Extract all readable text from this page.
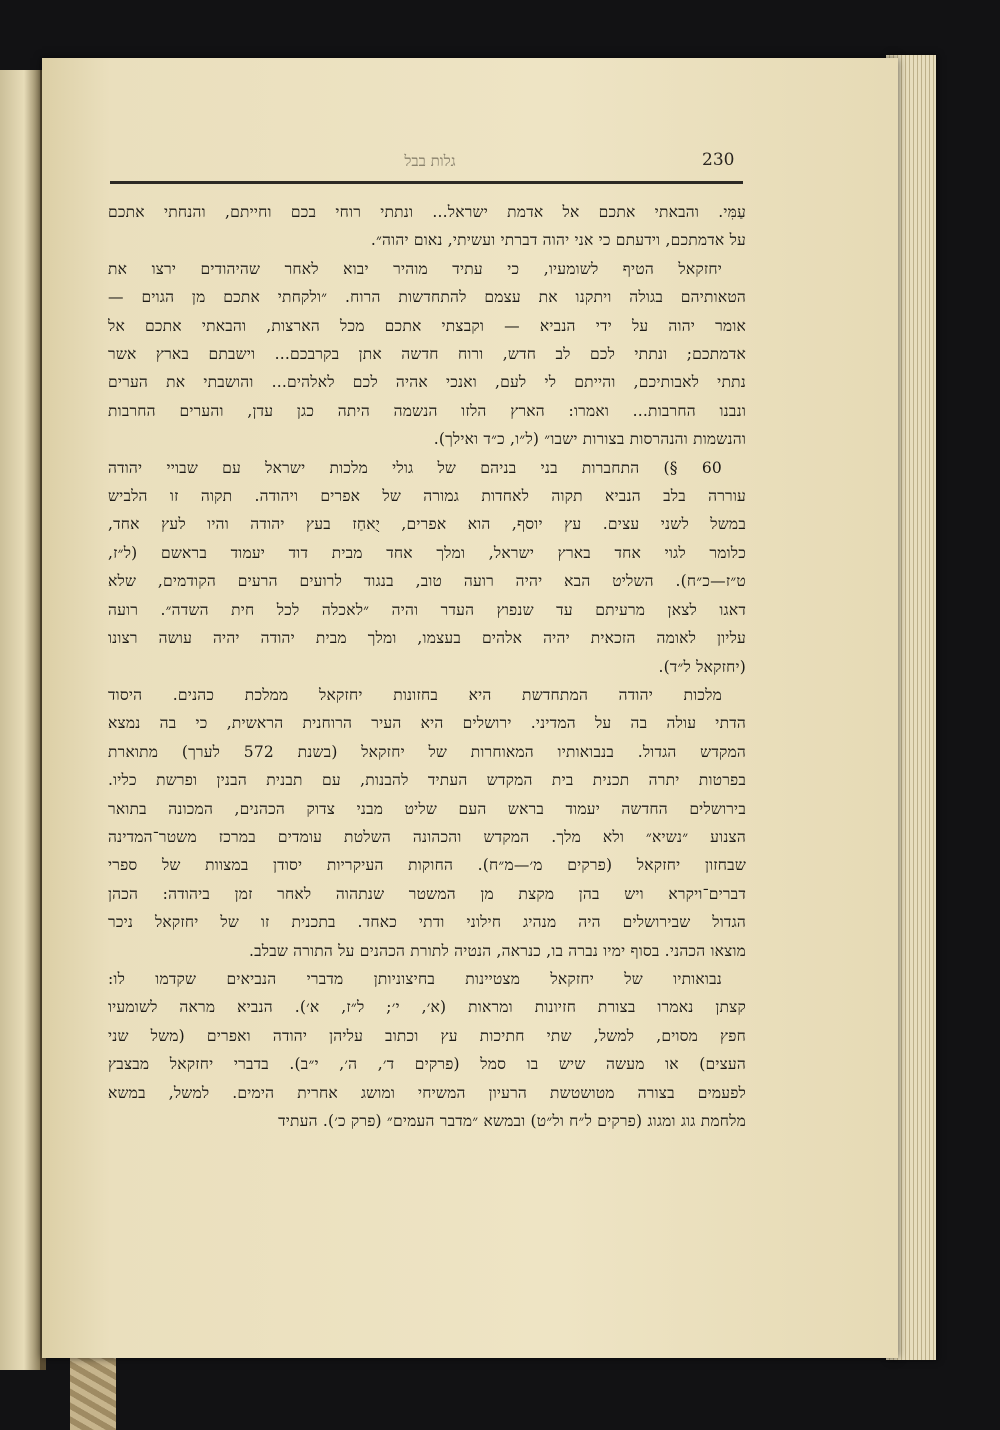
גלות בבל	230
עַמִּי. והבאתי אתכם אל אדמת ישראל... ונתתי רוחי בכם וחייתם, והנחתי אתכם
על אדמתכם, וידעתם כי אני יהוה דברתי ועשיתי, נאום יהוה״.
יחזקאל הטיף לשומעיו, כי עתיד מוהיר יבוא לאחר שהיהודים ירצו את
הטאותיהם בגולה ויתקנו את עצמם להתחדשות הרוח. ״ולקחתי אתכם מן הגוים —
אומר יהוה על ידי הנביא — וקבצתי אתכם מכל הארצות, והבאתי אתכם אל
אדמתכם; ונתתי לכם לב חדש, ורוח חדשה אתן בקרבכם... וישבתם בארץ אשר
נתתי לאבותיכם, והייתם לי לעם, ואנכי אהיה לכם לאלהים... והושבתי את הערים
ונבנו החרבות... ואמרו: הארץ הלזו הנשמה היתה כגן עדן, והערים החרבות
והנשמות והנהרסות בצורות ישבו״ (ל״ו, כ״ד ואילך).
60 §) התחברות בני בניהם של גולי מלכות ישראל עם שבויי יהודה
עוררה בלב הנביא תקוה לאחדות גמורה של אפרים ויהודה. תקוה זו הלביש
במשל לשני עצים. עץ יוסף, הוא אפרים, יֻאחַז בעץ יהודה והיו לעץ אחד,
כלומר לגוי אחד בארץ ישראל, ומלך אחד מבית דוד יעמוד בראשם (ל״ז,
ט״ז—כ״ח). השליט הבא יהיה רועה טוב, בנגוד לרועים הרעים הקודמים, שלא
דאגו לצאן מרעיתם עד שנפוץ העדר והיה ״לאכלה לכל חית השדה״. רועה
עליון לאומה הזכאית יהיה אלהים בעצמו, ומלך מבית יהודה יהיה עושה רצונו
(יחזקאל ל״ד).
מלכות יהודה המתחדשת היא בחזונות יחזקאל ממלכת כהנים. היסוד
הדתי עולה בה על המדיני. ירושלים היא העיר הרוחנית הראשית, כי בה נמצא
המקדש הגדול. בנבואותיו המאוחרות של יחזקאל (בשנת 572 לערך) מתוארת
בפרטות יתרה תכנית בית המקדש העתיד להבנות, עם תבנית הבנין ופרשת כליו.
בירושלים החדשה יעמוד בראש העם שליט מבני צדוק הכהנים, המכונה בתואר
הצנוע ״נשיא״ ולא מלך. המקדש והכהונה השלטת עומדים במרכז משטר־המדינה
שבחזון יחזקאל (פרקים מ׳—מ״ח). החוקות העיקריות יסודן במצוות של ספרי
דברים־ויקרא ויש בהן מקצת מן המשטר שנתהוה לאחר זמן ביהודה: הכהן
הגדול שבירושלים היה מנהיג חילוני ודתי כאחד. בתכנית זו של יחזקאל ניכר
מוצאו הכהני. בסוף ימיו נברה בו, כנראה, הנטיה לתורת הכהנים על התורה שבלב.
נבואותיו של יחזקאל מצטיינות בחיצוניותן מדברי הנביאים שקדמו לו:
קצתן נאמרו בצורת חזיונות ומראות (א׳, י׳; ל״ז, א׳). הנביא מראה לשומעיו
חפץ מסוים, למשל, שתי חתיכות עץ וכתוב עליהן יהודה ואפרים (משל שני
העצים) או מעשה שיש בו סמל (פרקים ד׳, ה׳, י״ב). בדברי יחזקאל מבצבץ
לפעמים בצורה מטושטשת הרעיון המשיחי ומושג אחרית הימים. למשל, במשא
מלחמת גוג ומגוג (פרקים ל״ח ול״ט) ובמשא ״מדבר העמים״ (פרק כ׳). העתיד
